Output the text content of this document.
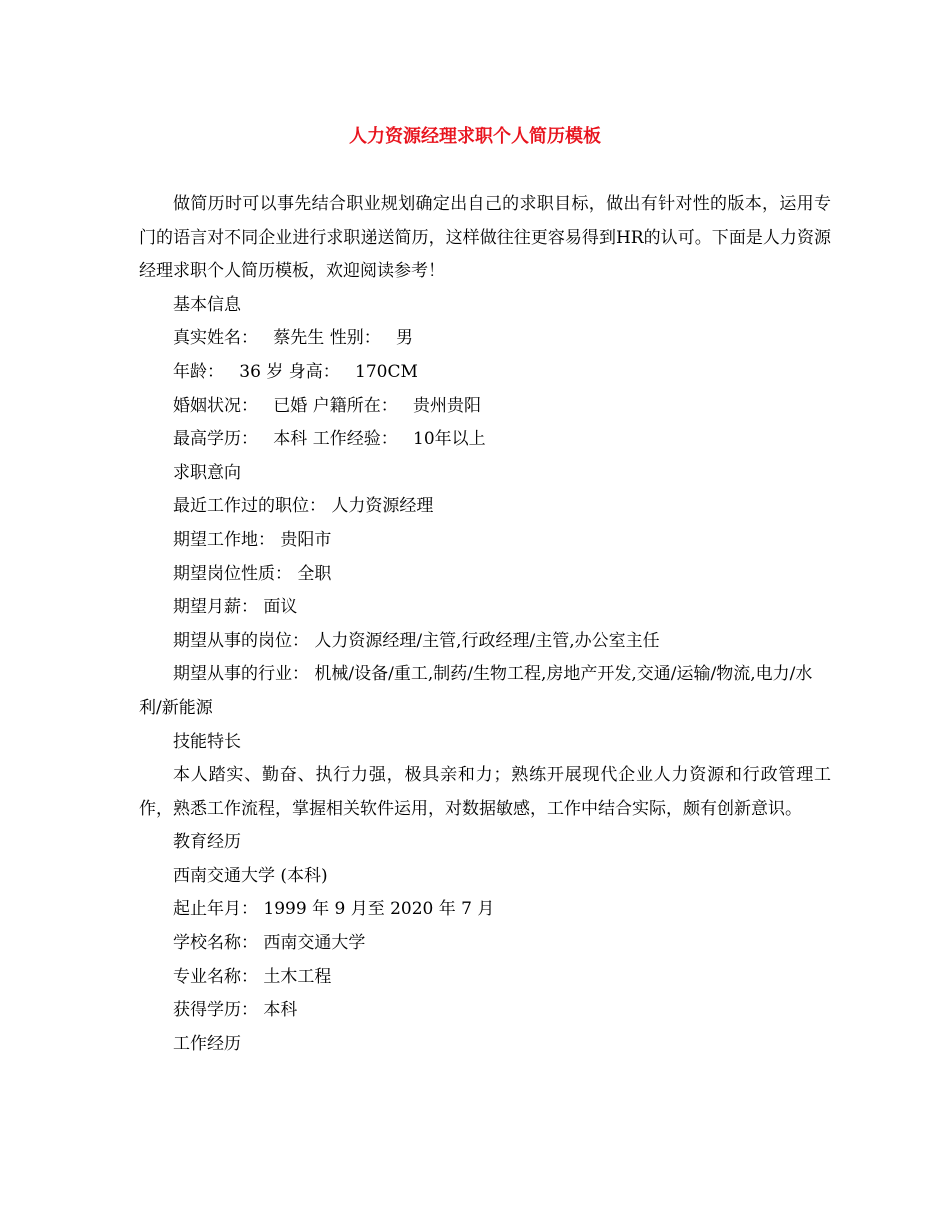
人力资源经理求职个人简历模板

做简历时可以事先结合职业规划确定出自己的求职目标，做出有针对性的版本，运用专门的语言对不同企业进行求职递送简历，这样做往往更容易得到HR的认可。下面是人力资源经理求职个人简历模板，欢迎阅读参考！

基本信息

真实姓名： 蔡先生 性别： 男

年龄： 36 岁 身高： 170CM

婚姻状况： 已婚 户籍所在： 贵州贵阳

最高学历： 本科 工作经验： 10年以上

求职意向

最近工作过的职位： 人力资源经理

期望工作地： 贵阳市

期望岗位性质： 全职

期望月薪： 面议

期望从事的岗位： 人力资源经理/主管,行政经理/主管,办公室主任

期望从事的行业： 机械/设备/重工,制药/生物工程,房地产开发,交通/运输/物流,电力/水利/新能源

技能特长

本人踏实、勤奋、执行力强，极具亲和力；熟练开展现代企业人力资源和行政管理工作，熟悉工作流程，掌握相关软件运用，对数据敏感，工作中结合实际，颇有创新意识。

教育经历

西南交通大学 (本科)

起止年月： 1999 年 9 月至 2020 年 7 月

学校名称： 西南交通大学

专业名称： 土木工程

获得学历： 本科

工作经历
